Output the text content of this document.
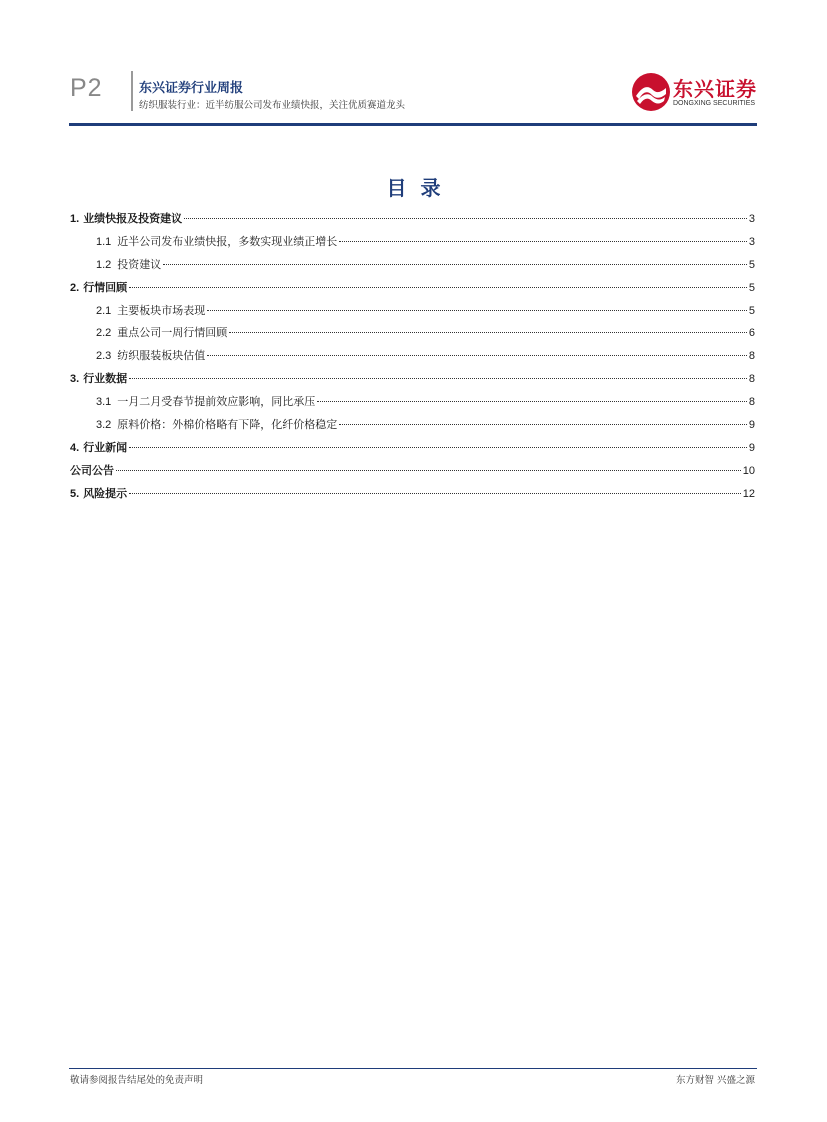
P2	东兴证券行业周报
纺织服装行业：近半纺服公司发布业绩快报，关注优质赛道龙头
东兴证券
DONGXING SECURITIES
目录
1. 业绩快报及投资建议	3
1.1 近半公司发布业绩快报，多数实现业绩正增长	3
1.2 投资建议	5
2. 行情回顾	5
2.1 主要板块市场表现	5
2.2 重点公司一周行情回顾	6
2.3 纺织服装板块估值	8
3. 行业数据	8
3.1 一月二月受春节提前效应影响，同比承压	8
3.2 原料价格：外棉价格略有下降，化纤价格稳定	9
4. 行业新闻	9
公司公告	10
5. 风险提示	12
敬请参阅报告结尾处的免责声明	东方财智 兴盛之源
